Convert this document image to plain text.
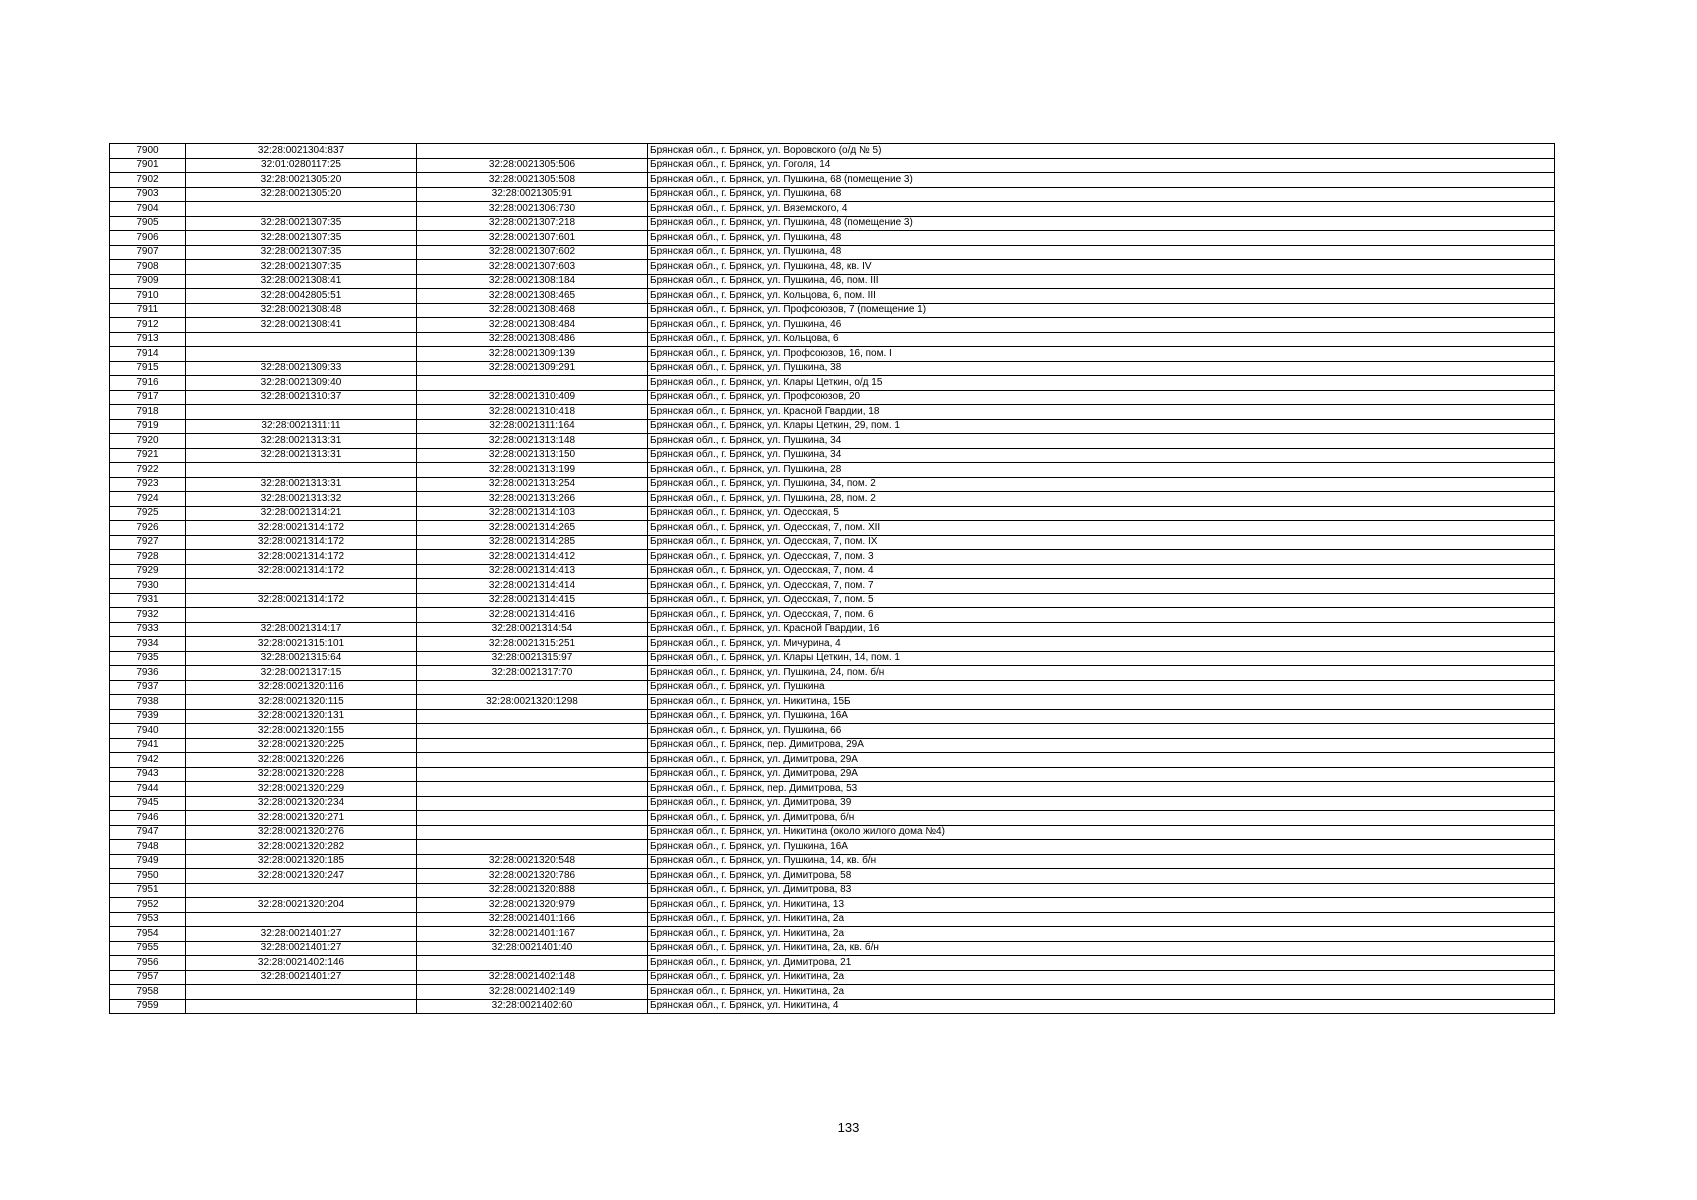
7900	32:28:0021304:837		Брянская обл., г. Брянск, ул. Воровского (о/д № 5)
7901	32:01:0280117:25	32:28:0021305:506	Брянская обл., г. Брянск, ул. Гоголя, 14
7902	32:28:0021305:20	32:28:0021305:508	Брянская обл., г. Брянск, ул. Пушкина, 68 (помещение 3)
7903	32:28:0021305:20	32:28:0021305:91	Брянская обл., г. Брянск, ул. Пушкина, 68
7904		32:28:0021306:730	Брянская обл., г. Брянск, ул. Вяземского, 4
7905	32:28:0021307:35	32:28:0021307:218	Брянская обл., г. Брянск, ул. Пушкина, 48 (помещение 3)
7906	32:28:0021307:35	32:28:0021307:601	Брянская обл., г. Брянск, ул. Пушкина, 48
7907	32:28:0021307:35	32:28:0021307:602	Брянская обл., г. Брянск, ул. Пушкина, 48
7908	32:28:0021307:35	32:28:0021307:603	Брянская обл., г. Брянск, ул. Пушкина, 48, кв. IV
7909	32:28:0021308:41	32:28:0021308:184	Брянская обл., г. Брянск, ул. Пушкина, 46, пом. III
7910	32:28:0042805:51	32:28:0021308:465	Брянская обл., г. Брянск, ул. Кольцова, 6, пом. III
7911	32:28:0021308:48	32:28:0021308:468	Брянская обл., г. Брянск, ул. Профсоюзов, 7 (помещение 1)
7912	32:28:0021308:41	32:28:0021308:484	Брянская обл., г. Брянск, ул. Пушкина, 46
7913		32:28:0021308:486	Брянская обл., г. Брянск, ул. Кольцова, 6
7914		32:28:0021309:139	Брянская обл., г. Брянск, ул. Профсоюзов, 16, пом. I
7915	32:28:0021309:33	32:28:0021309:291	Брянская обл., г. Брянск, ул. Пушкина, 38
7916	32:28:0021309:40		Брянская обл., г. Брянск, ул. Клары Цеткин, о/д 15
7917	32:28:0021310:37	32:28:0021310:409	Брянская обл., г. Брянск, ул. Профсоюзов, 20
7918		32:28:0021310:418	Брянская обл., г. Брянск, ул. Красной Гвардии, 18
7919	32:28:0021311:11	32:28:0021311:164	Брянская обл., г. Брянск, ул. Клары Цеткин, 29, пом. 1
7920	32:28:0021313:31	32:28:0021313:148	Брянская обл., г. Брянск, ул. Пушкина, 34
7921	32:28:0021313:31	32:28:0021313:150	Брянская обл., г. Брянск, ул. Пушкина, 34
7922		32:28:0021313:199	Брянская обл., г. Брянск, ул. Пушкина, 28
7923	32:28:0021313:31	32:28:0021313:254	Брянская обл., г. Брянск, ул. Пушкина, 34, пом. 2
7924	32:28:0021313:32	32:28:0021313:266	Брянская обл., г. Брянск, ул. Пушкина, 28, пом. 2
7925	32:28:0021314:21	32:28:0021314:103	Брянская обл., г. Брянск, ул. Одесская, 5
7926	32:28:0021314:172	32:28:0021314:265	Брянская обл., г. Брянск, ул. Одесская, 7, пом. XII
7927	32:28:0021314:172	32:28:0021314:285	Брянская обл., г. Брянск, ул. Одесская, 7, пом. IX
7928	32:28:0021314:172	32:28:0021314:412	Брянская обл., г. Брянск, ул. Одесская, 7, пом. 3
7929	32:28:0021314:172	32:28:0021314:413	Брянская обл., г. Брянск, ул. Одесская, 7, пом. 4
7930		32:28:0021314:414	Брянская обл., г. Брянск, ул. Одесская, 7, пом. 7
7931	32:28:0021314:172	32:28:0021314:415	Брянская обл., г. Брянск, ул. Одесская, 7, пом. 5
7932		32:28:0021314:416	Брянская обл., г. Брянск, ул. Одесская, 7, пом. 6
7933	32:28:0021314:17	32:28:0021314:54	Брянская обл., г. Брянск, ул. Красной Гвардии, 16
7934	32:28:0021315:101	32:28:0021315:251	Брянская обл., г. Брянск, ул. Мичурина, 4
7935	32:28:0021315:64	32:28:0021315:97	Брянская обл., г. Брянск, ул. Клары Цеткин, 14, пом. 1
7936	32:28:0021317:15	32:28:0021317:70	Брянская обл., г. Брянск, ул. Пушкина, 24, пом. б/н
7937	32:28:0021320:116		Брянская обл., г. Брянск, ул. Пушкина
7938	32:28:0021320:115	32:28:0021320:1298	Брянская обл., г. Брянск, ул. Никитина, 15Б
7939	32:28:0021320:131		Брянская обл., г. Брянск, ул. Пушкина, 16А
7940	32:28:0021320:155		Брянская обл., г. Брянск, ул. Пушкина, 66
7941	32:28:0021320:225		Брянская обл., г. Брянск, пер. Димитрова, 29А
7942	32:28:0021320:226		Брянская обл., г. Брянск, ул. Димитрова, 29А
7943	32:28:0021320:228		Брянская обл., г. Брянск, ул. Димитрова, 29А
7944	32:28:0021320:229		Брянская обл., г. Брянск, пер. Димитрова, 53
7945	32:28:0021320:234		Брянская обл., г. Брянск, ул. Димитрова, 39
7946	32:28:0021320:271		Брянская обл., г. Брянск, ул. Димитрова, б/н
7947	32:28:0021320:276		Брянская обл., г. Брянск, ул. Никитина (около жилого дома №4)
7948	32:28:0021320:282		Брянская обл., г. Брянск, ул. Пушкина, 16А
7949	32:28:0021320:185	32:28:0021320:548	Брянская обл., г. Брянск, ул. Пушкина, 14, кв. б/н
7950	32:28:0021320:247	32:28:0021320:786	Брянская обл., г. Брянск, ул. Димитрова, 58
7951		32:28:0021320:888	Брянская обл., г. Брянск, ул. Димитрова, 83
7952	32:28:0021320:204	32:28:0021320:979	Брянская обл., г. Брянск, ул. Никитина, 13
7953		32:28:0021401:166	Брянская обл., г. Брянск, ул. Никитина, 2а
7954	32:28:0021401:27	32:28:0021401:167	Брянская обл., г. Брянск, ул. Никитина, 2а
7955	32:28:0021401:27	32:28:0021401:40	Брянская обл., г. Брянск, ул. Никитина, 2а, кв. б/н
7956	32:28:0021402:146		Брянская обл., г. Брянск, ул. Димитрова, 21
7957	32:28:0021401:27	32:28:0021402:148	Брянская обл., г. Брянск, ул. Никитина, 2а
7958		32:28:0021402:149	Брянская обл., г. Брянск, ул. Никитина, 2а
7959		32:28:0021402:60	Брянская обл., г. Брянск, ул. Никитина, 4
133
